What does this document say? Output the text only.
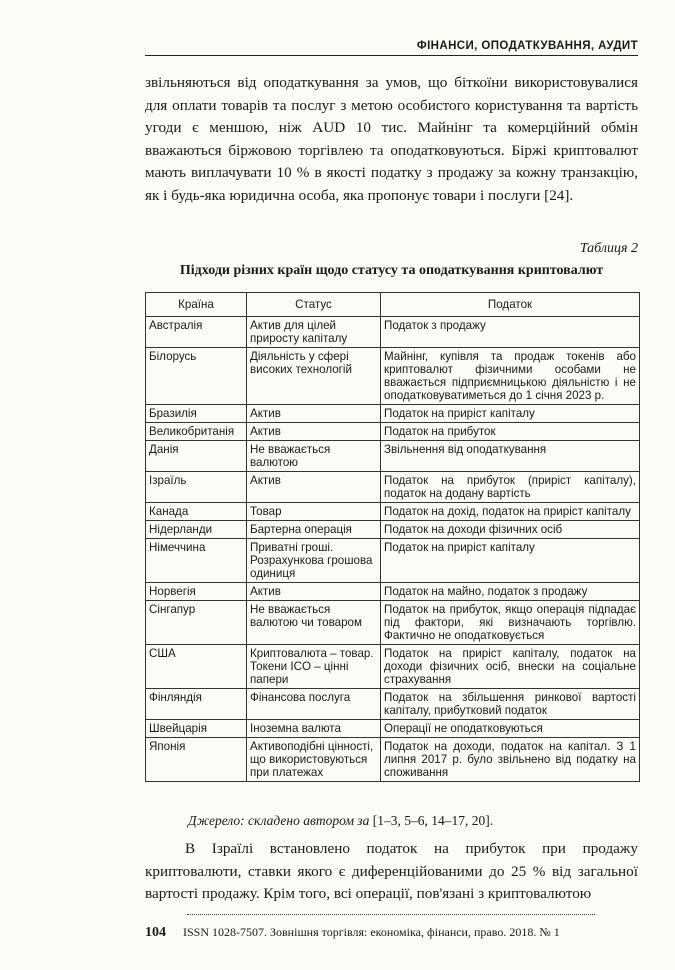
ФІНАНСИ, ОПОДАТКУВАННЯ, АУДИТ

звільняються від оподаткування за умов, що біткоїни використовувалися для оплати товарів та послуг з метою особистого користування та вартість угоди є меншою, ніж AUD 10 тис. Майнінг та комерційний обмін вважаються біржовою торгівлею та оподатковуються. Біржі криптовалют мають виплачувати 10 % в якості податку з продажу за кожну транзакцію, як і будь-яка юридична особа, яка пропонує товари і послуги [24].

Таблиця 2
Країна	Статус	Податок
Австралія	Актив для цілей приросту капіталу	Податок з продажу
Білорусь	Діяльність у сфері високих технологій	Майнінг, купівля та продаж токенів або криптовалют фізичними особами не вважається підприємницькою діяльністю і не оподатковуватиметься до 1 січня 2023 р.
Бразилія	Актив	Податок на приріст капіталу
Великобританія	Актив	Податок на прибуток
Данія	Не вважається валютою	Звільнення від оподаткування
Ізраїль	Актив	Податок на прибуток (приріст капіталу), податок на додану вартість
Канада	Товар	Податок на дохід, податок на приріст капіталу
Нідерланди	Бартерна операція	Податок на доходи фізичних осіб
Німеччина	Приватні гроші. Розрахункова грошова одиниця	Податок на приріст капіталу
Норвегія	Актив	Податок на майно, податок з продажу
Сінгапур	Не вважається валютою чи товаром	Податок на прибуток, якщо операція підпадає під фактори, які визначають торгівлю. Фактично не оподатковується
США	Криптовалюта – товар. Токени ICO – цінні папери	Податок на приріст капіталу, податок на доходи фізичних осіб, внески на соціальне страхування
Фінляндія	Фінансова послуга	Податок на збільшення ринкової вартості капіталу, прибутковий податок
Швейцарія	Іноземна валюта	Операції не оподатковуються
Японія	Активоподібні цінності, що використовуються при платежах	Податок на доходи, податок на капітал. З 1 липня 2017 р. було звільнено від податку на споживання
Підходи різних країн щодо статусу та оподаткування криптовалют
Джерело: складено автором за [1–3, 5–6, 14–17, 20].

В Ізраїлі встановлено податок на прибуток при продажу криптовалюти, ставки якого є диференційованими до 25 % від загальної вартості продажу. Крім того, всі операції, пов'язані з криптовалютою

104 ISSN 1028-7507. Зовнішня торгівля: економіка, фінанси, право. 2018. № 1
